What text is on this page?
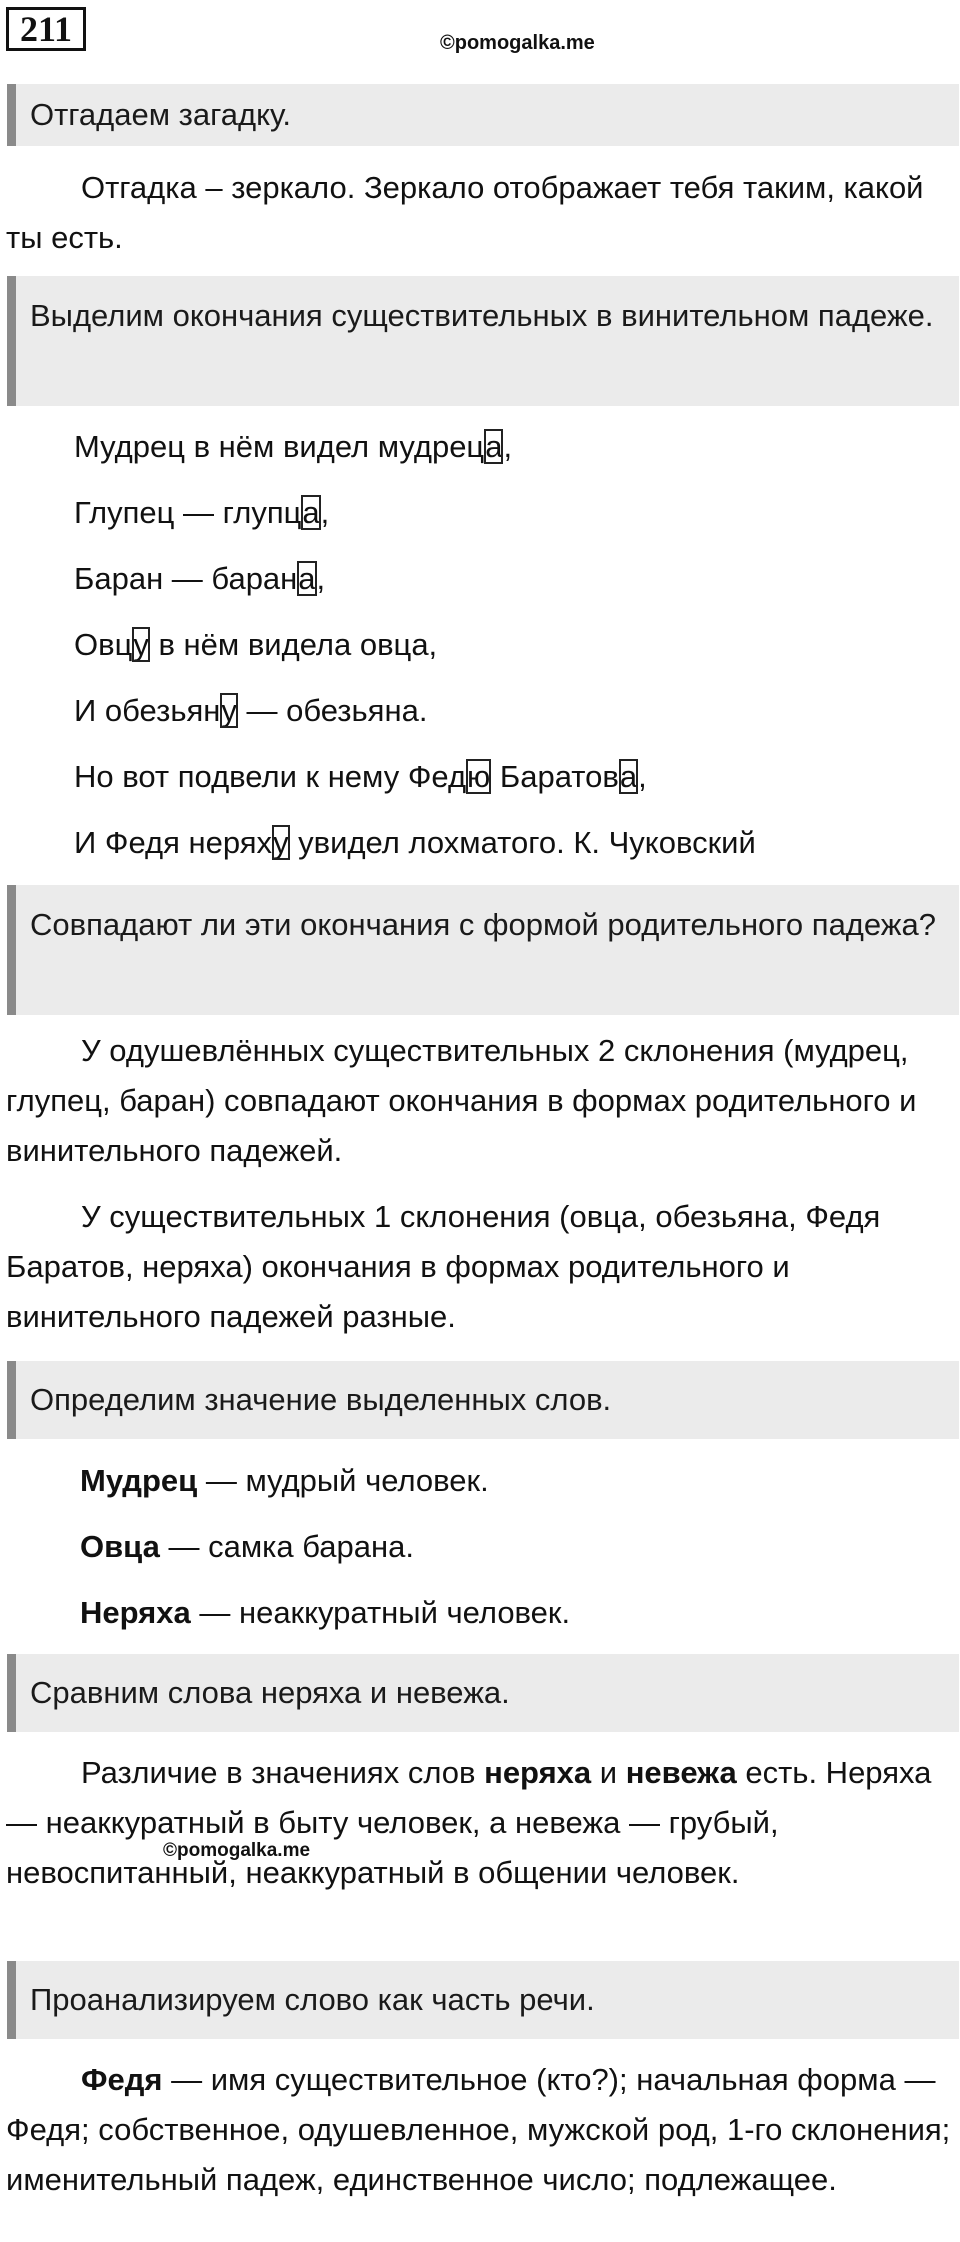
211	©pomogalka.me
Отгадаем загадку.
Отгадка – зеркало. Зеркало отображает тебя таким, какой ты есть.
Выделим окончания существительных в винительном падеже.
Мудрец в нём видел мудреца,
Глупец — глупца,
Баран — барана,
Овцу в нём видела овца,
И обезьяну — обезьяна.
Но вот подвели к нему Федю Баратова,
И Федя неряху увидел лохматого. К. Чуковский
Совпадают ли эти окончания с формой родительного падежа?
У одушевлённых существительных 2 склонения (мудрец, глупец, баран) совпадают окончания в формах родительного и винительного падежей.
У существительных 1 склонения (овца, обезьяна, Федя Баратов, неряха) окончания в формах родительного и винительного падежей разные.
Определим значение выделенных слов.
Мудрец — мудрый человек.
Овца — самка барана.
Неряха — неаккуратный человек.
Сравним слова неряха и невежа.
Различие в значениях слов неряха и невежа есть. Неряха — неаккуратный в быту человек, а невежа — грубый, невоспитанный, неаккуратный в общении человек.
©pomogalka.me
Проанализируем слово как часть речи.
Федя — имя существительное (кто?); начальная форма — Федя; собственное, одушевленное, мужской род, 1-го склонения; именительный падеж, единственное число; подлежащее.
